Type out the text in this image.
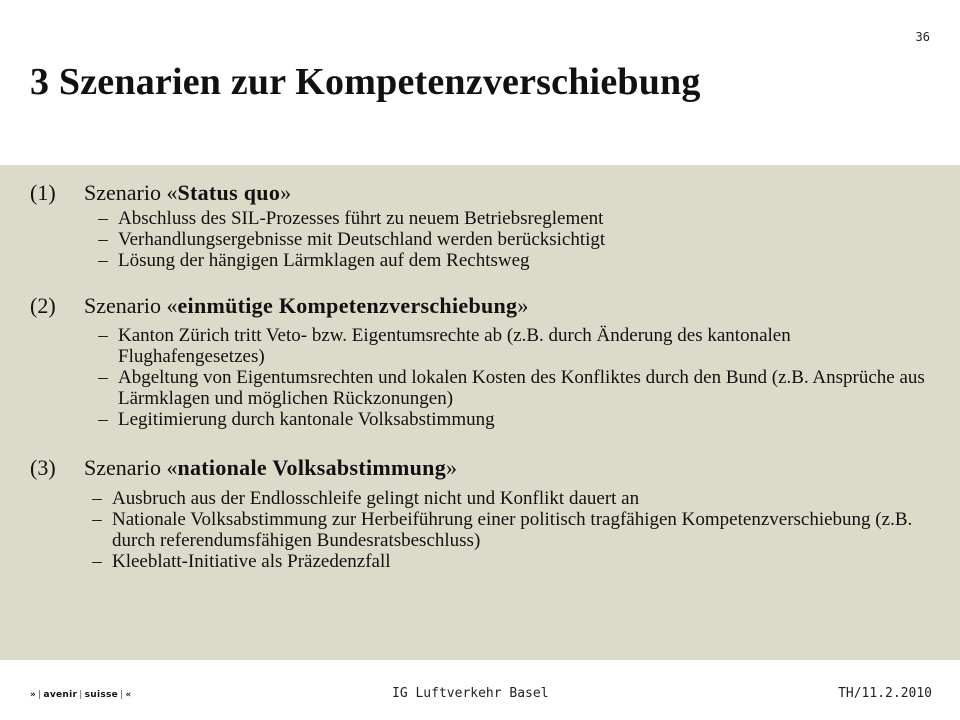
36
3 Szenarien zur Kompetenzverschiebung
(1)	Szenario «Status quo»
– Abschluss des SIL-Prozesses führt zu neuem Betriebsreglement
– Verhandlungsergebnisse mit Deutschland werden berücksichtigt
– Lösung der hängigen Lärmklagen auf dem Rechtsweg
(2)	Szenario «einmütige Kompetenzverschiebung»
– Kanton Zürich tritt Veto- bzw. Eigentumsrechte ab (z.B. durch Änderung des kantonalen Flughafengesetzes)
– Abgeltung von Eigentumsrechten und lokalen Kosten des Konfliktes durch den Bund (z.B. Ansprüche aus Lärmklagen und möglichen Rückzonungen)
– Legitimierung durch kantonale Volksabstimmung
(3)	Szenario «nationale Volksabstimmung»
– Ausbruch aus der Endlosschleife gelingt nicht und Konflikt dauert an
– Nationale Volksabstimmung zur Herbeiführung einer politisch tragfähigen Kompetenzverschiebung (z.B. durch referendumsfähigen Bundesratsbeschluss)
– Kleeblatt-Initiative als Präzedenzfall
» | avenir | suisse | «	IG Luftverkehr Basel	TH/11.2.2010
